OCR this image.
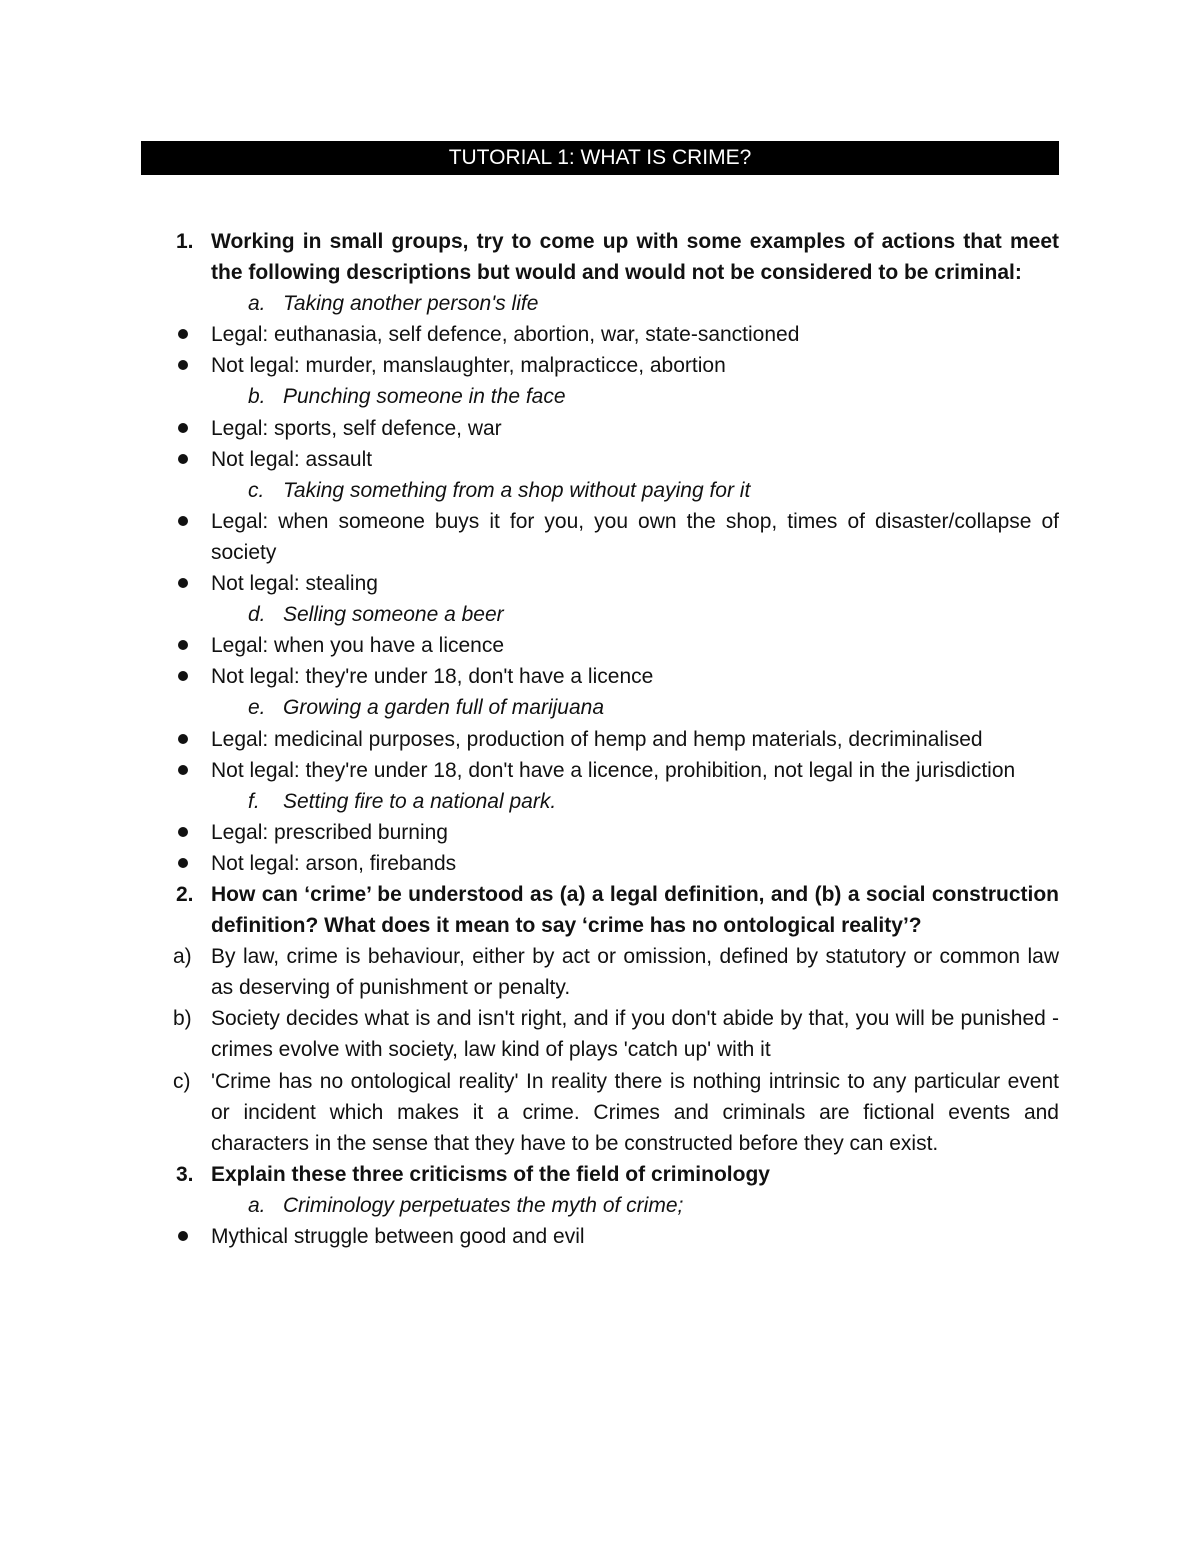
TUTORIAL 1: WHAT IS CRIME?
1. Working in small groups, try to come up with some examples of actions that meet the following descriptions but would and would not be considered to be criminal:
a. Taking another person's life
Legal: euthanasia, self defence, abortion, war, state-sanctioned
Not legal: murder, manslaughter, malpracticce, abortion
b. Punching someone in the face
Legal: sports, self defence, war
Not legal: assault
c. Taking something from a shop without paying for it
Legal: when someone buys it for you, you own the shop, times of disaster/collapse of society
Not legal: stealing
d. Selling someone a beer
Legal: when you have a licence
Not legal: they're under 18, don't have a licence
e. Growing a garden full of marijuana
Legal: medicinal purposes, production of hemp and hemp materials, decriminalised
Not legal: they're under 18, don't have a licence, prohibition, not legal in the jurisdiction
f. Setting fire to a national park.
Legal: prescribed burning
Not legal: arson, firebands
2. How can ‘crime’ be understood as (a) a legal definition, and (b) a social construction definition? What does it mean to say ‘crime has no ontological reality’?
a) By law, crime is behaviour, either by act or omission, defined by statutory or common law as deserving of punishment or penalty.
b) Society decides what is and isn't right, and if you don't abide by that, you will be punished - crimes evolve with society, law kind of plays 'catch up' with it
c) 'Crime has no ontological reality' In reality there is nothing intrinsic to any particular event or incident which makes it a crime. Crimes and criminals are fictional events and characters in the sense that they have to be constructed before they can exist.
3. Explain these three criticisms of the field of criminology
a. Criminology perpetuates the myth of crime;
Mythical struggle between good and evil
